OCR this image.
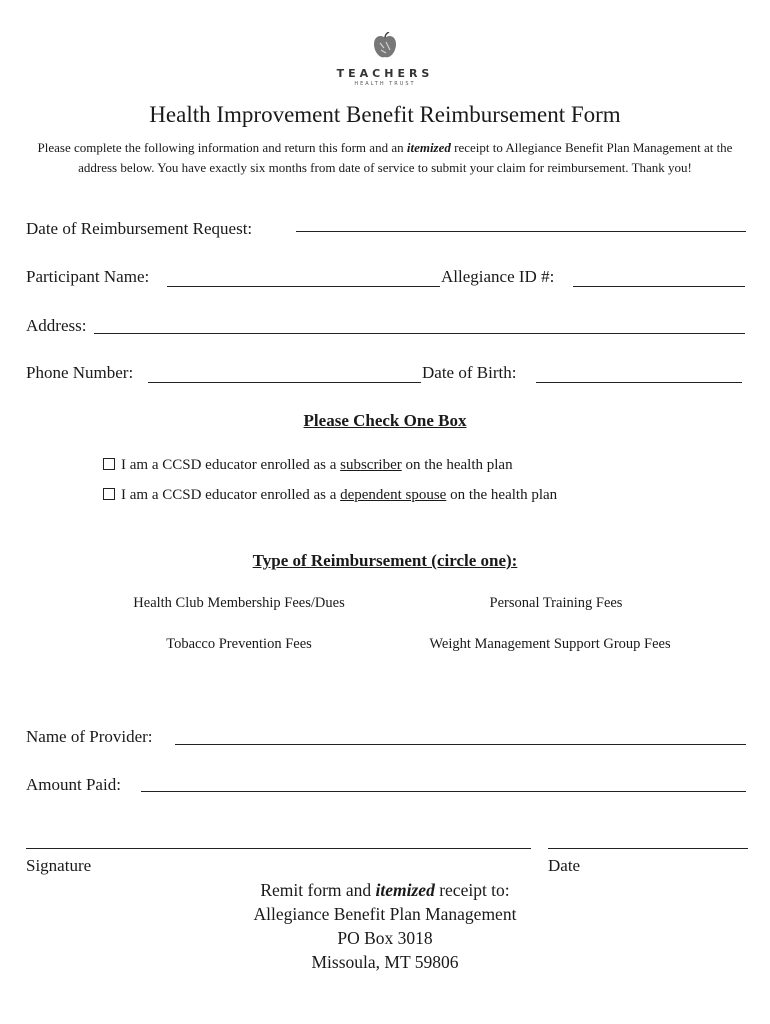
TEACHERS
HEALTH TRUST
Health Improvement Benefit Reimbursement Form
Please complete the following information and return this form and an itemized receipt to Allegiance Benefit Plan Management at the address below. You have exactly six months from date of service to submit your claim for reimbursement. Thank you!
Date of Reimbursement Request:
Participant Name:	Allegiance ID #:
Address:
Phone Number:	Date of Birth:
Please Check One Box
I am a CCSD educator enrolled as a subscriber on the health plan
I am a CCSD educator enrolled as a dependent spouse on the health plan
Type of Reimbursement (circle one):
Health Club Membership Fees/Dues	Personal Training Fees
Tobacco Prevention Fees	Weight Management Support Group Fees
Name of Provider:
Amount Paid:
Signature	Date
Remit form and itemized receipt to:
Allegiance Benefit Plan Management
PO Box 3018
Missoula, MT 59806
